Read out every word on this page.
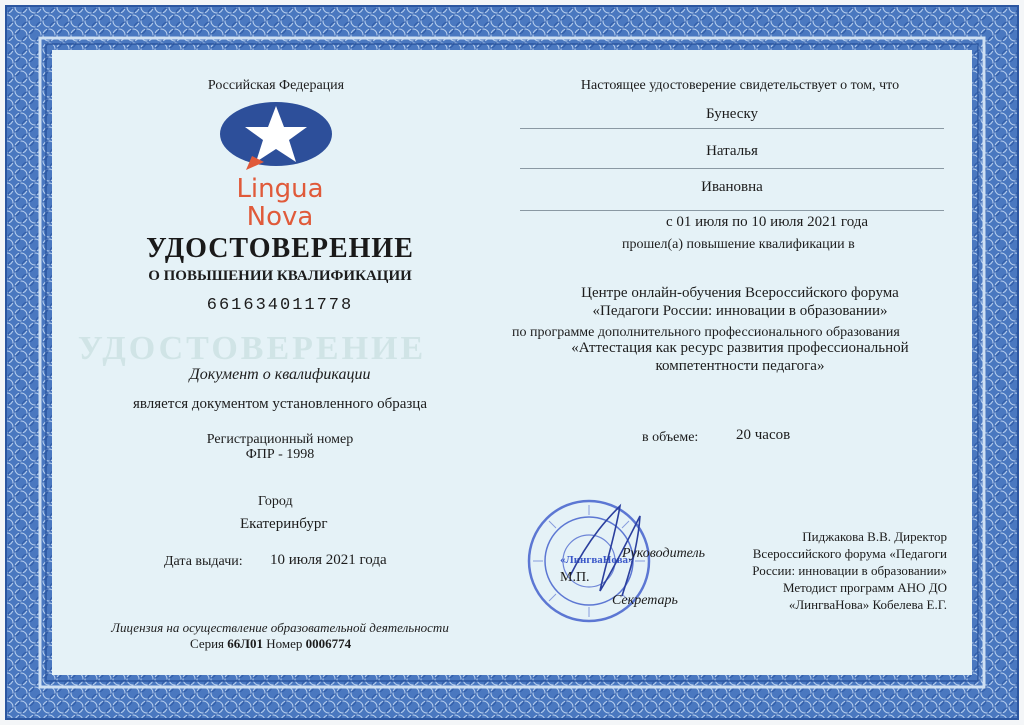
УДОСТОВЕРЕНИЕ
Российская Федерация
Lingua
Nova
УДОСТОВЕРЕНИЕ
О ПОВЫШЕНИИ КВАЛИФИКАЦИИ
661634011778
Документ о квалификации
является документом установленного образца
Регистрационный номер
ФПР - 1998
Город
Екатеринбург
Дата выдачи: 10 июля 2021 года
Лицензия на осуществление образовательной деятельности
Серия 66Л01 Номер 0006774
Настоящее удостоверение свидетельствует о том, что
Бунеску
Наталья
Ивановна
с 01 июля по 10 июля 2021 года
прошел(а) повышение квалификации в
Центре онлайн-обучения Всероссийского форума
«Педагоги России: инновации в образовании»
по программе дополнительного профессионального образования
«Аттестация как ресурс развития профессиональной
компетентности педагога»
в объеме:	20 часов
«ЛингваНова»
Руководитель
М.П.
Секретарь
Пиджакова В.В. Директор
Всероссийского форума «Педагоги
России: инновации в образовании»
Методист программ АНО ДО
«ЛингваНова» Кобелева Е.Г.
